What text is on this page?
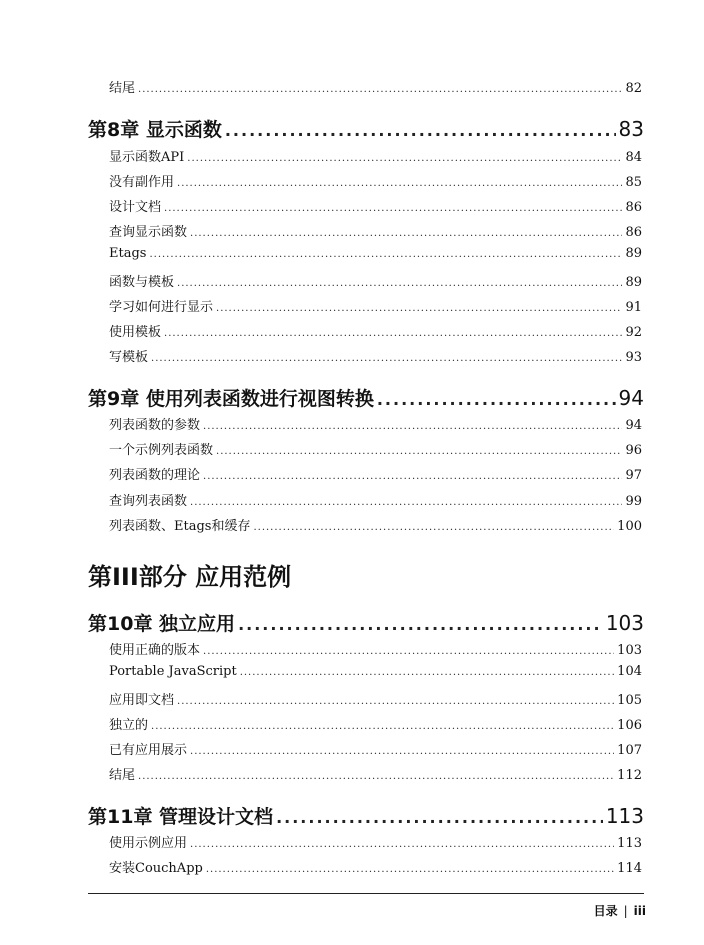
结尾 .....	82
第8章 显示函数 .....	83
显示函数API .....	84
没有副作用 .....	85
设计文档 .....	86
查询显示函数 .....	86
Etags .....	89
函数与模板 .....	89
学习如何进行显示 .....	91
使用模板 .....	92
写模板 .....	93
第9章 使用列表函数进行视图转换 .....	94
列表函数的参数 .....	94
一个示例列表函数 .....	96
列表函数的理论 .....	97
查询列表函数 .....	99
列表函数、Etags和缓存 .....	100
第III部分 应用范例
第10章 独立应用 .....	103
使用正确的版本 .....	103
Portable JavaScript .....	104
应用即文档 .....	105
独立的 .....	106
已有应用展示 .....	107
结尾 .....	112
第11章 管理设计文档 .....	113
使用示例应用 .....	113
安装CouchApp .....	114
目录 | iii
